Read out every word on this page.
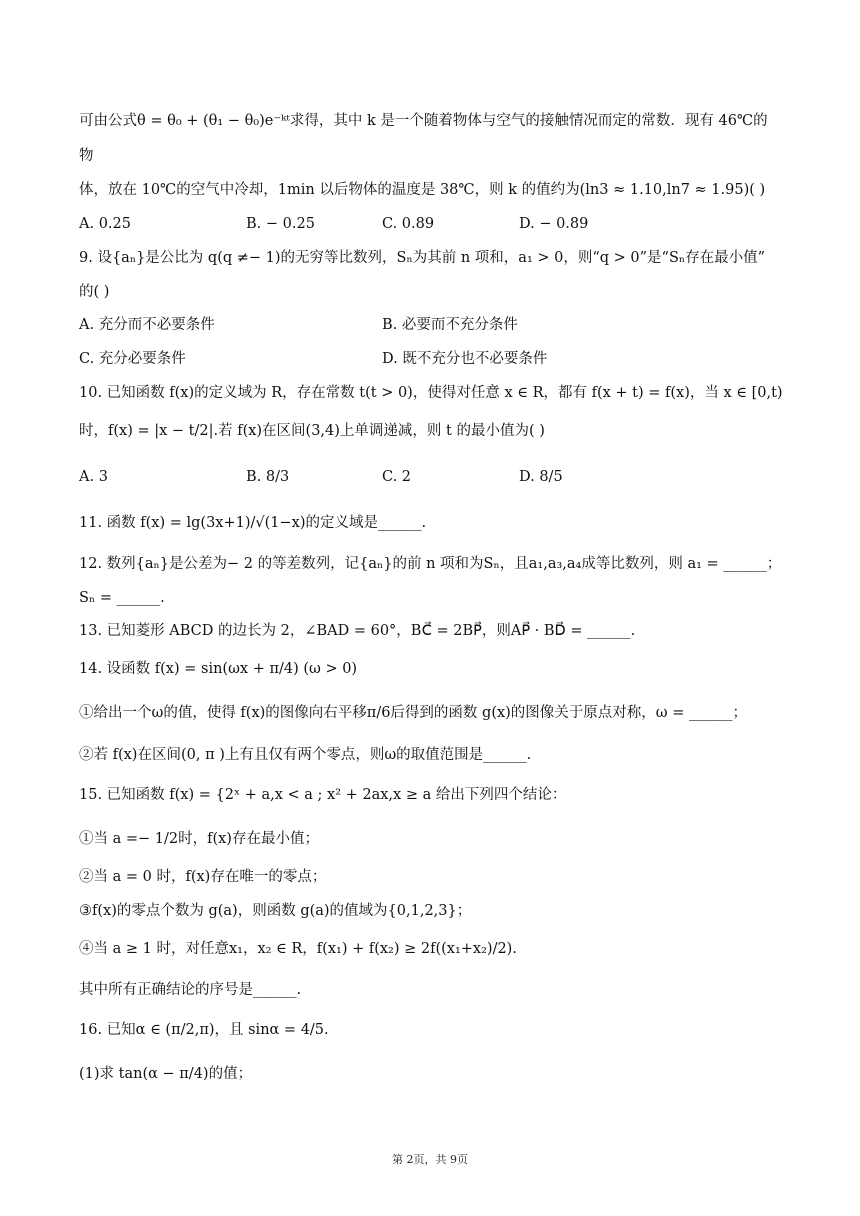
可由公式θ = θ₀ + (θ₁ − θ₀)e⁻ᵏᵗ求得，其中 k 是一个随着物体与空气的接触情况而定的常数．现有 46℃的
物
体，放在 10℃的空气中冷却，1min 以后物体的温度是 38℃，则 k 的值约为(ln3 ≈ 1.10,ln7 ≈ 1.95)( )
A. 0.25	B. − 0.25	C. 0.89	D. − 0.89
9. 设{aₙ}是公比为 q(q ≠− 1)的无穷等比数列，Sₙ为其前 n 项和，a₁ > 0，则“q > 0”是“Sₙ存在最小值”
的( )
A. 充分而不必要条件	B. 必要而不充分条件
C. 充分必要条件	D. 既不充分也不必要条件
10. 已知函数 f(x)的定义域为 R，存在常数 t(t > 0)，使得对任意 x ∈ R，都有 f(x + t) = f(x)，当 x ∈ [0,t)
时，f(x) = |x − t/2|.若 f(x)在区间(3,4)上单调递减，则 t 的最小值为( )
A. 3	B. 8/3	C. 2	D. 8/5
11. 函数 f(x) = lg(3x+1)/√(1−x)的定义域是______.
12. 数列{aₙ}是公差为− 2 的等差数列，记{aₙ}的前 n 项和为Sₙ，且a₁,a₃,a₄成等比数列，则 a₁ = ______；
Sₙ = ______.
13. 已知菱形 ABCD 的边长为 2，∠BAD = 60°，BC⃗ = 2BP⃗，则AP⃗ · BD⃗ = ______.
14. 设函数 f(x) = sin(ωx + π/4) (ω > 0)
①给出一个ω的值，使得 f(x)的图像向右平移π/6后得到的函数 g(x)的图像关于原点对称，ω = ______；
②若 f(x)在区间(0, π )上有且仅有两个零点，则ω的取值范围是______.
15. 已知函数 f(x) = {2ˣ + a,x < a ; x² + 2ax,x ≥ a 给出下列四个结论：
①当 a =− 1/2时，f(x)存在最小值；
②当 a = 0 时，f(x)存在唯一的零点；
③f(x)的零点个数为 g(a)，则函数 g(a)的值域为{0,1,2,3}；
④当 a ≥ 1 时，对任意x₁，x₂ ∈ R，f(x₁) + f(x₂) ≥ 2f((x₁+x₂)/2).
其中所有正确结论的序号是______.
16. 已知α ∈ (π/2,π)，且 sinα = 4/5.
(1)求 tan(α − π/4)的值；
第 2页，共 9页
